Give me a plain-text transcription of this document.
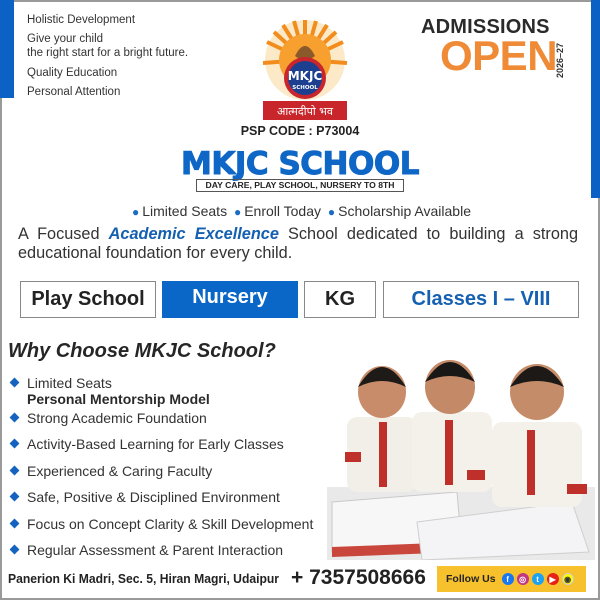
Holistic Development
Give your child
the right start for a bright future.
Quality Education
Personal Attention
ADMISSIONS
OPEN
2026–27
MKJC
SCHOOL
आत्मदीपो भव
PSP CODE : P73004
MKJC SCHOOL
DAY CARE, PLAY SCHOOL, NURSERY TO 8TH
● Limited Seats ● Enroll Today ● Scholarship Available
A Focused Academic Excellence School dedicated to building a strong educational foundation for every child.
Play School	Nursery	KG	Classes I – VIII
Why Choose MKJC School?
Limited Seats
Personal Mentorship Model
Strong Academic Foundation
Activity-Based Learning for Early Classes
Experienced & Caring Faculty
Safe, Positive & Disciplined Environment
Focus on Concept Clarity & Skill Development
Regular Assessment & Parent Interaction
Panerion Ki Madri, Sec. 5, Hiran Magri, Udaipur + 7357508666 Follow Us	f	◎	t	▶	◉
